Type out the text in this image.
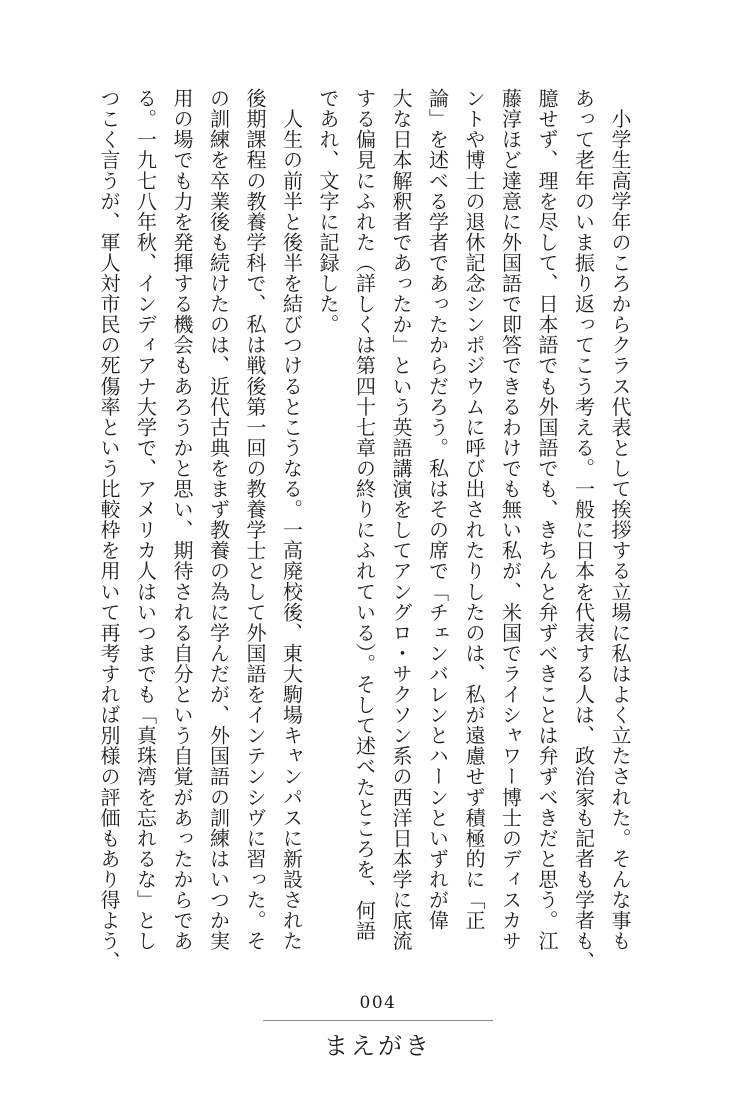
　小学生高学年のころからクラス代表として挨拶する立場に私はよく立たされた。そんな事も
あって老年のいま振り返ってこう考える。一般に日本を代表する人は、政治家も記者も学者も、
臆せず、理を尽して、日本語でも外国語でも、きちんと弁ずべきことは弁ずべきだと思う。江
藤淳ほど達意に外国語で即答できるわけでも無い私が、米国でライシャワー博士のディスカサ
ントや博士の退休記念シンポジウムに呼び出されたりしたのは、私が遠慮せず積極的に「正
論」を述べる学者であったからだろう。私はその席で「チェンバレンとハーンといずれが偉
大な日本解釈者であったか」という英語講演をしてアングロ・サクソン系の西洋日本学に底流
する偏見にふれた（詳しくは第四十七章の終りにふれている）。そして述べたところを、何語
であれ、文字に記録した。
　人生の前半と後半を結びつけるとこうなる。一高廃校後、東大駒場キャンパスに新設された
後期課程の教養学科で、私は戦後第一回の教養学士として外国語をインテンシヴに習った。そ
の訓練を卒業後も続けたのは、近代古典をまず教養の為に学んだが、外国語の訓練はいつか実
用の場でも力を発揮する機会もあろうかと思い、期待される自分という自覚があったからであ
る。一九七八年秋、インディアナ大学で、アメリカ人はいつまでも「真珠湾を忘れるな」とし
つこく言うが、軍人対市民の死傷率という比較枠を用いて再考すれば別様の評価もあり得よう、
004
まえがき
